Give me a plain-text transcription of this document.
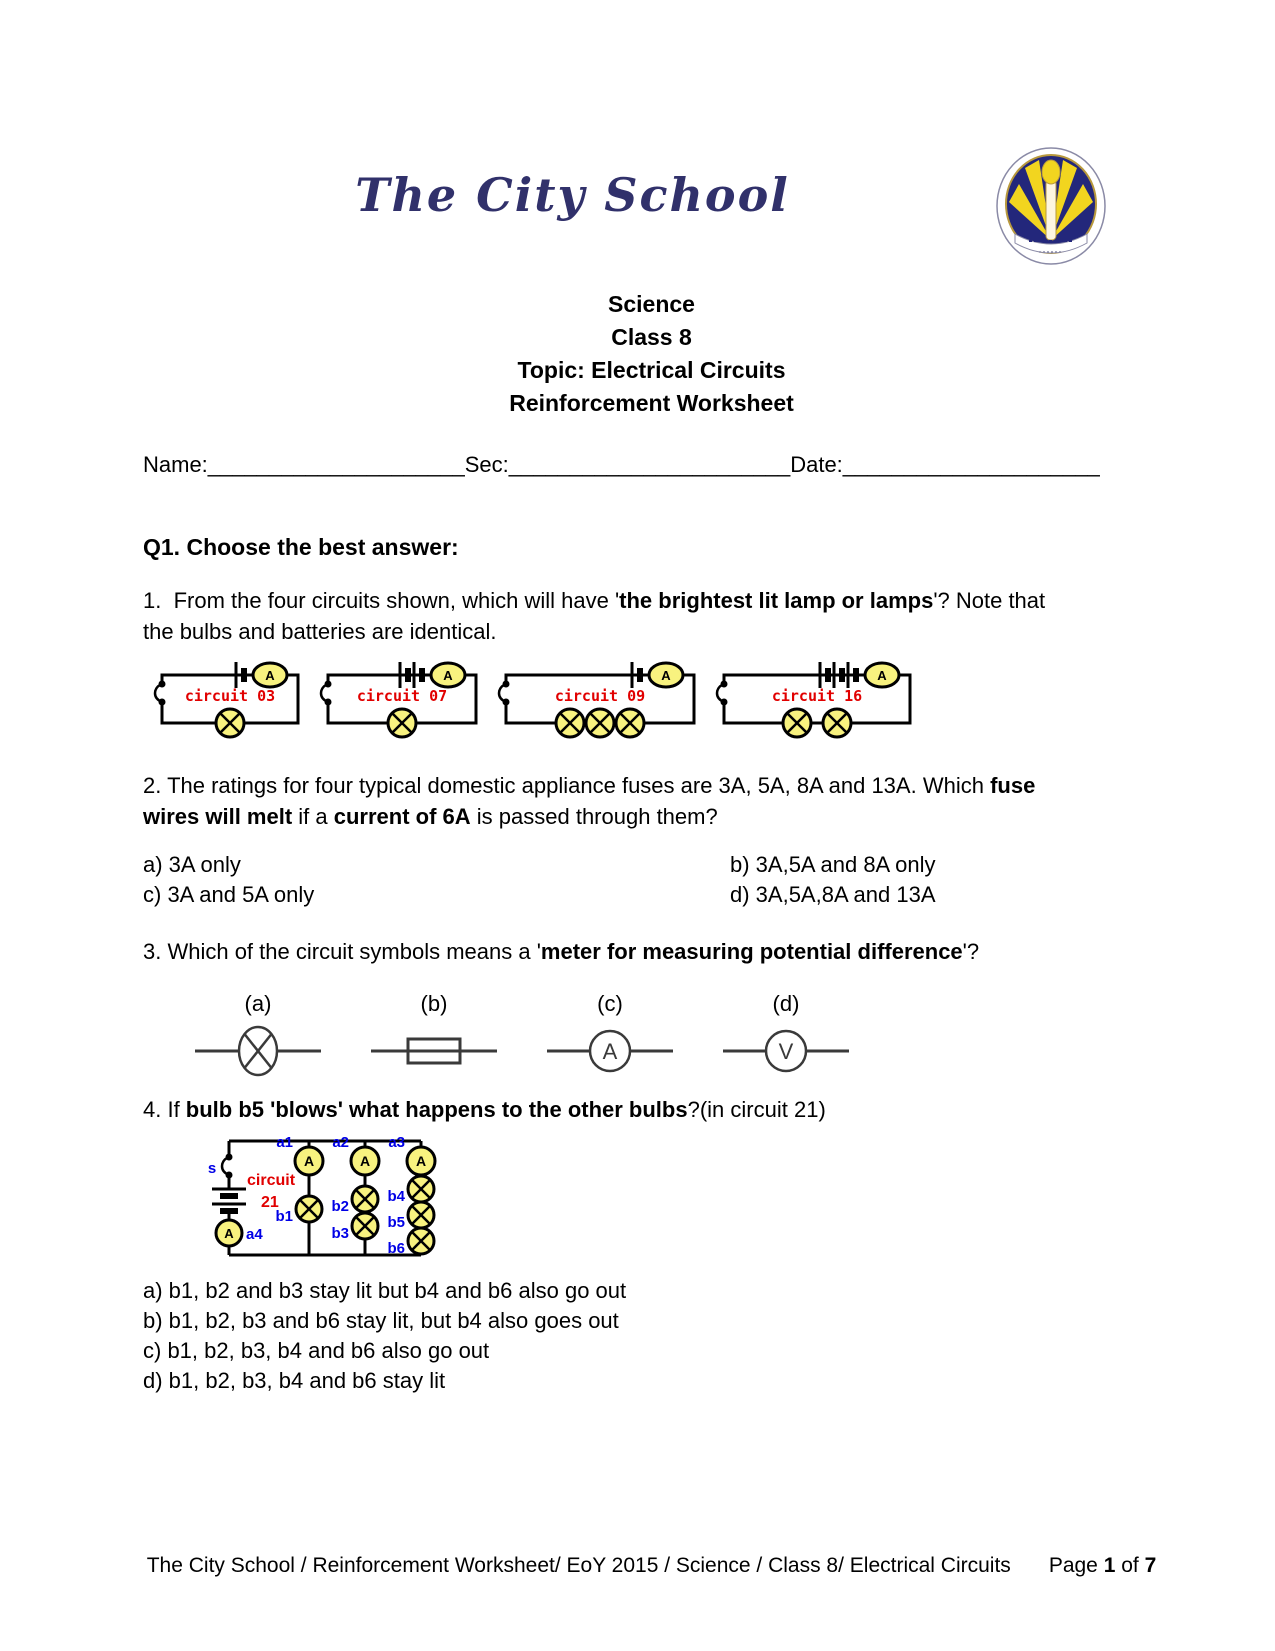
The City School
Science
Class 8
Topic: Electrical Circuits
Reinforcement Worksheet
Name:_____________________Sec:_______________________Date:_____________________
Q1. Choose the best answer:

1.  From the four circuits shown, which will have 'the brightest lit lamp or lamps'? Note that
the bulbs and batteries are identical.

A
circuit 03
A
circuit 07
A
circuit 09
A
circuit 16

2. The ratings for four typical domestic appliance fuses are 3A, 5A, 8A and 13A. Which fuse
wires will melt if a current of 6A is passed through them?

a) 3A only	b) 3A,5A and 8A only
c) 3A and 5A only	d) 3A,5A,8A and 13A

3. Which of the circuit symbols means a 'meter for measuring potential difference'?

(a)	(b)	(c)
A
(d)
V

4. If bulb b5 'blows' what happens to the other bulbs?(in circuit 21)

s
A a4
circuit
21
A
a1
A
a2
A
a3
b1
b2
b3
b4
b5
b6
a) b1, b2 and b3 stay lit but b4 and b6 also go out
b) b1, b2, b3 and b6 stay lit, but b4 also goes out
c) b1, b2, b3, b4 and b6 also go out
d) b1, b2, b3, b4 and b6 stay lit
The City School / Reinforcement Worksheet/ EoY 2015 / Science / Class 8/ Electrical Circuits Page 1 of 7
